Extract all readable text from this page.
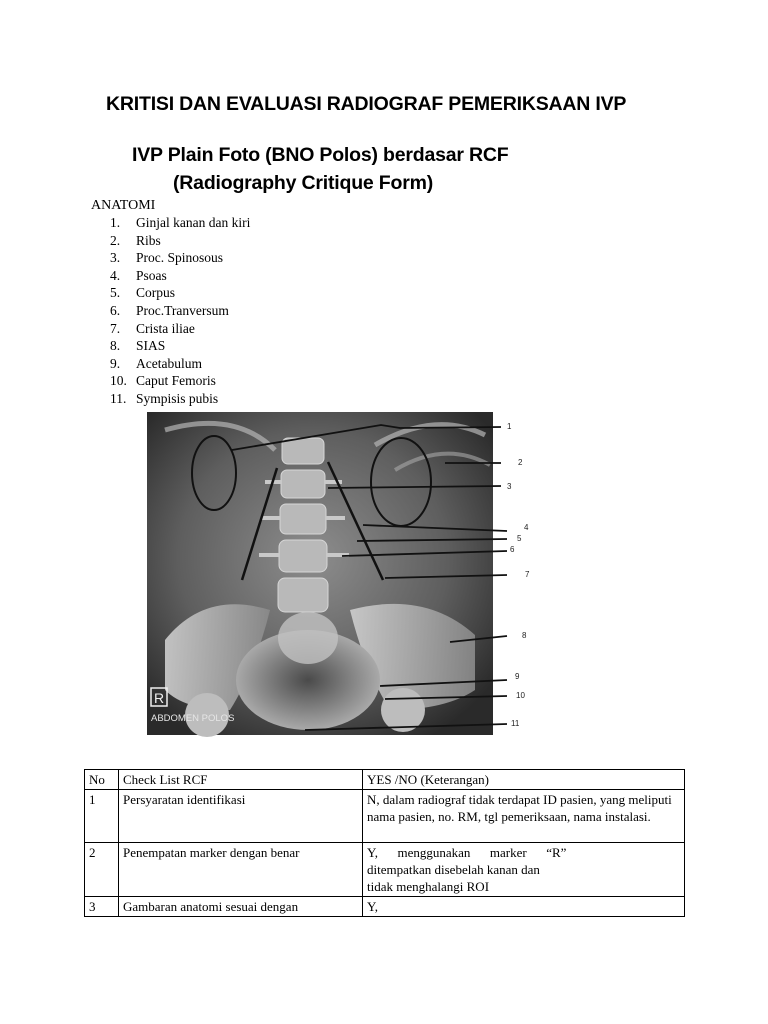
KRITISI DAN EVALUASI RADIOGRAF PEMERIKSAAN IVP
IVP Plain Foto (BNO Polos) berdasar RCF
(Radiography Critique Form)
ANATOMI
1. Ginjal kanan dan kiri
2. Ribs
3. Proc. Spinosous
4. Psoas
5. Corpus
6. Proc.Tranversum
7. Crista iliae
8. SIAS
9. Acetabulum
10. Caput Femoris
11. Sympisis pubis
1
2
3
4
5
6
7
8
9
10
11
R
ABDOMEN POLOS
No	Check List RCF	YES /NO (Keterangan)
1	Persyaratan identifikasi	N, dalam radiograf tidak terdapat ID pasien, yang meliputi nama pasien, no. RM, tgl pemeriksaan, nama instalasi.
2	Penempatan marker dengan benar	Y,      menggunakan      marker      “R”
ditempatkan disebelah kanan dan
tidak menghalangi ROI

3	Gambaran anatomi sesuai dengan	Y,
